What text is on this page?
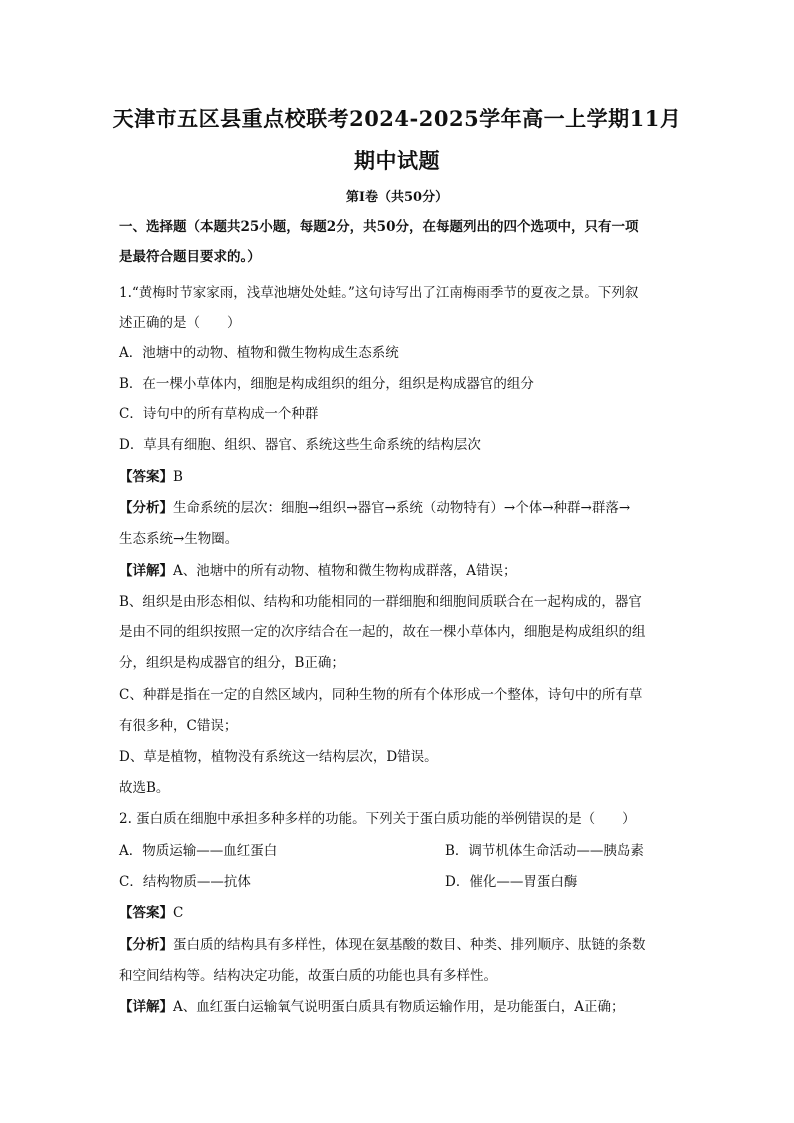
天津市五区县重点校联考2024-2025学年高一上学期11月
期中试题
第Ⅰ卷（共50分）
一、选择题（本题共25小题，每题2分，共50分，在每题列出的四个选项中，只有一项
是最符合题目要求的。）
1.“黄梅时节家家雨，浅草池塘处处蛙。”这句诗写出了江南梅雨季节的夏夜之景。下列叙
述正确的是（　　）
A．池塘中的动物、植物和微生物构成生态系统
B．在一棵小草体内，细胞是构成组织的组分，组织是构成器官的组分
C．诗句中的所有草构成一个种群
D．草具有细胞、组织、器官、系统这些生命系统的结构层次
【答案】B
【分析】生命系统的层次：细胞→组织→器官→系统（动物特有）→个体→种群→群落→
生态系统→生物圈。
【详解】A、池塘中的所有动物、植物和微生物构成群落，A错误；
B、组织是由形态相似、结构和功能相同的一群细胞和细胞间质联合在一起构成的，器官
是由不同的组织按照一定的次序结合在一起的，故在一棵小草体内，细胞是构成组织的组
分，组织是构成器官的组分，B正确；
C、种群是指在一定的自然区域内，同种生物的所有个体形成一个整体，诗句中的所有草
有很多种，C错误；
D、草是植物，植物没有系统这一结构层次，D错误。
故选B。
2. 蛋白质在细胞中承担多种多样的功能。下列关于蛋白质功能的举例错误的是（　　）
A．物质运输——血红蛋白	B．调节机体生命活动——胰岛素
C．结构物质——抗体	D．催化——胃蛋白酶
【答案】C
【分析】蛋白质的结构具有多样性，体现在氨基酸的数目、种类、排列顺序、肽链的条数
和空间结构等。结构决定功能，故蛋白质的功能也具有多样性。
【详解】A、血红蛋白运输氧气说明蛋白质具有物质运输作用，是功能蛋白，A正确；
